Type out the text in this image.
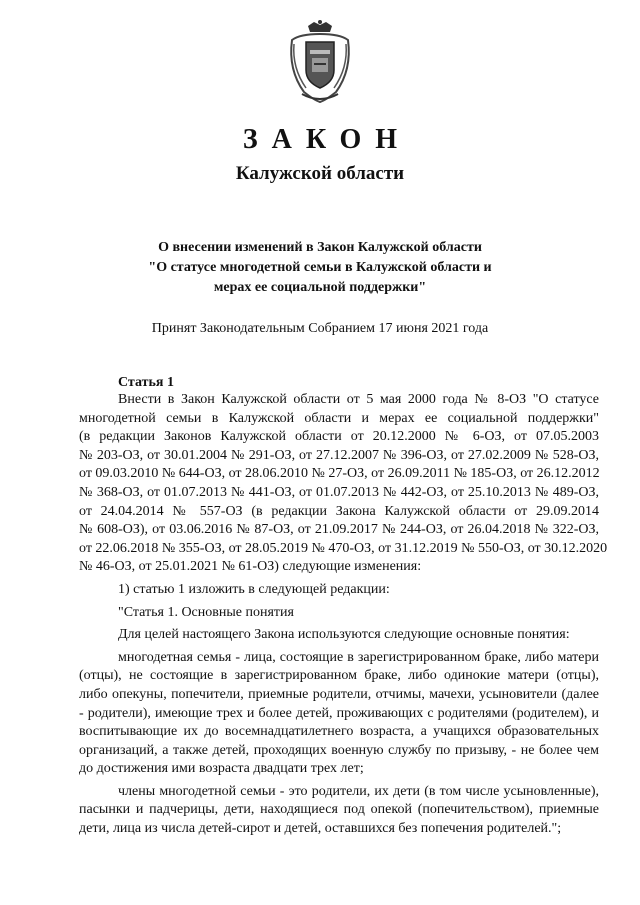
ЗАКОН
Калужской области
О внесении изменений в Закон Калужской области
"О статусе многодетной семьи в Калужской области и
мерах ее социальной поддержки"
Принят Законодательным Собранием 17 июня 2021 года
Статья 1
Внести в Закон Калужской области от 5 мая 2000 года № 8-ОЗ "О статусе
многодетной семьи в Калужской области и мерах ее социальной поддержки"
(в редакции Законов Калужской области от 20.12.2000 № 6-ОЗ, от 07.05.2003
№ 203-ОЗ, от 30.01.2004 № 291-ОЗ, от 27.12.2007 № 396-ОЗ, от 27.02.2009 № 528-ОЗ,
от 09.03.2010 № 644-ОЗ, от 28.06.2010 № 27-ОЗ, от 26.09.2011 № 185-ОЗ, от 26.12.2012
№ 368-ОЗ, от 01.07.2013 № 441-ОЗ, от 01.07.2013 № 442-ОЗ, от 25.10.2013 № 489-ОЗ,
от 24.04.2014 № 557-ОЗ (в редакции Закона Калужской области от 29.09.2014
№ 608-ОЗ), от 03.06.2016 № 87-ОЗ, от 21.09.2017 № 244-ОЗ, от 26.04.2018 № 322-ОЗ,
от 22.06.2018 № 355-ОЗ, от 28.05.2019 № 470-ОЗ, от 31.12.2019 № 550-ОЗ, от 30.12.2020
№ 46-ОЗ, от 25.01.2021 № 61-ОЗ) следующие изменения:
1) статью 1 изложить в следующей редакции:
"Статья 1. Основные понятия
Для целей настоящего Закона используются следующие основные понятия:
многодетная семья - лица, состоящие в зарегистрированном браке, либо матери
(отцы), не состоящие в зарегистрированном браке, либо одинокие матери (отцы),
либо опекуны, попечители, приемные родители, отчимы, мачехи, усыновители (далее
- родители), имеющие трех и более детей, проживающих с родителями (родителем), и
воспитывающие их до восемнадцатилетнего возраста, а учащихся образовательных
организаций, а также детей, проходящих военную службу по призыву, - не более чем
до достижения ими возраста двадцати трех лет;
члены многодетной семьи - это родители, их дети (в том числе усыновленные),
пасынки и падчерицы, дети, находящиеся под опекой (попечительством), приемные
дети, лица из числа детей-сирот и детей, оставшихся без попечения родителей.";
